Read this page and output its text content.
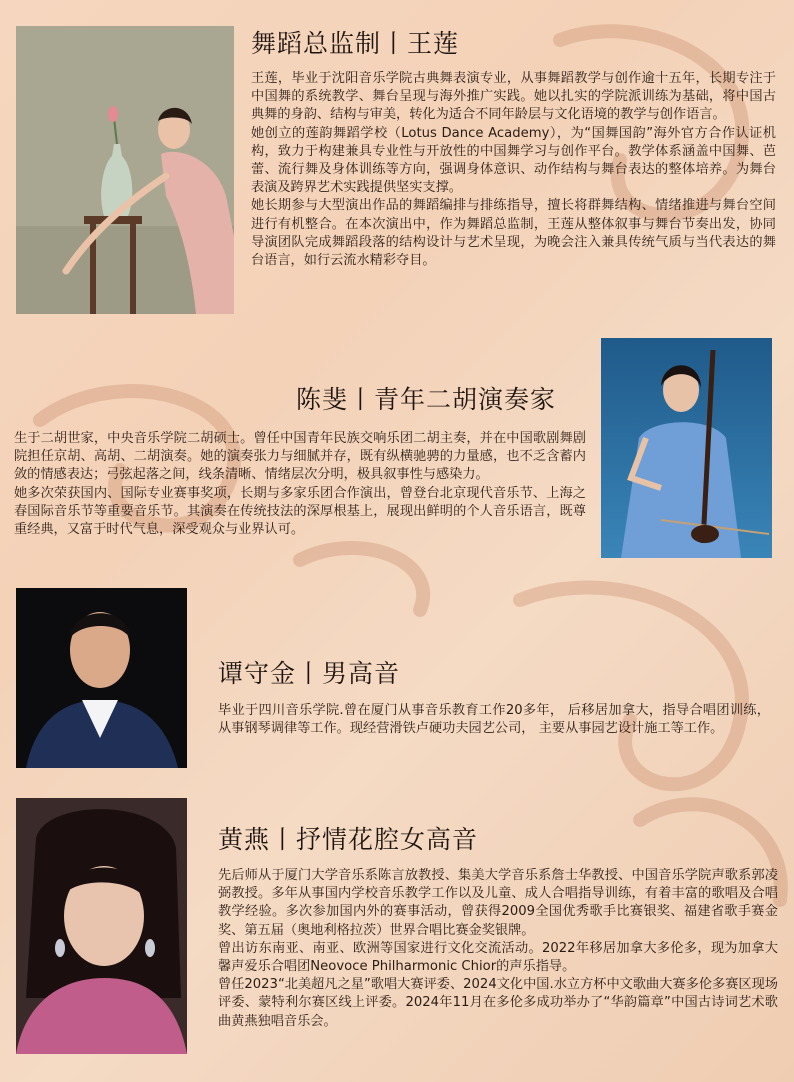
舞蹈总监制丨王莲

王莲，毕业于沈阳音乐学院古典舞表演专业，从事舞蹈教学与创作逾十五年，长期专注于中国舞的系统教学、舞台呈现与海外推广实践。她以扎实的学院派训练为基础，将中国古典舞的身韵、结构与审美，转化为适合不同年龄层与文化语境的教学与创作语言。

她创立的莲韵舞蹈学校（Lotus Dance Academy），为“国舞国韵”海外官方合作认证机构，致力于构建兼具专业性与开放性的中国舞学习与创作平台。教学体系涵盖中国舞、芭蕾、流行舞及身体训练等方向，强调身体意识、动作结构与舞台表达的整体培养。为舞台表演及跨界艺术实践提供坚实支撑。

她长期参与大型演出作品的舞蹈编排与排练指导，擅长将群舞结构、情绪推进与舞台空间进行有机整合。在本次演出中，作为舞蹈总监制，王莲从整体叙事与舞台节奏出发，协同导演团队完成舞蹈段落的结构设计与艺术呈现，为晚会注入兼具传统气质与当代表达的舞台语言，如行云流水精彩夺目。

陈斐丨青年二胡演奏家

生于二胡世家，中央音乐学院二胡硕士。曾任中国青年民族交响乐团二胡主奏，并在中国歌剧舞剧院担任京胡、高胡、二胡演奏。她的演奏张力与细腻并存，既有纵横驰骋的力量感，也不乏含蓄内敛的情感表达；弓弦起落之间，线条清晰、情绪层次分明，极具叙事性与感染力。

她多次荣获国内、国际专业赛事奖项，长期与多家乐团合作演出，曾登台北京现代音乐节、上海之春国际音乐节等重要音乐节。其演奏在传统技法的深厚根基上，展现出鲜明的个人音乐语言，既尊重经典，又富于时代气息，深受观众与业界认可。

谭守金丨男高音

毕业于四川音乐学院.曾在厦门从事音乐教育工作20多年， 后移居加拿大，指导合唱团训练， 从事钢琴调律等工作。现经营滑铁卢硬功夫园艺公司， 主要从事园艺设计施工等工作。

黄燕丨抒情花腔女高音

先后师从于厦门大学音乐系陈言放教授、集美大学音乐系詹士华教授、中国音乐学院声歌系郭凌弼教授。多年从事国内学校音乐教学工作以及儿童、成人合唱指导训练，有着丰富的歌唱及合唱教学经验。多次参加国内外的赛事活动，曾获得2009全国优秀歌手比赛银奖、福建省歌手赛金奖、第五届（奥地利格拉茨）世界合唱比赛金奖银牌。

曾出访东南亚、南亚、欧洲等国家进行文化交流活动。2022年移居加拿大多伦多，现为加拿大馨声爱乐合唱团Neovoce Philharmonic Chior的声乐指导。

曾任2023“北美超凡之星”歌唱大赛评委、2024文化中国.水立方杯中文歌曲大赛多伦多赛区现场评委、蒙特利尔赛区线上评委。2024年11月在多伦多成功举办了“华韵篇章”中国古诗词艺术歌曲黄燕独唱音乐会。
